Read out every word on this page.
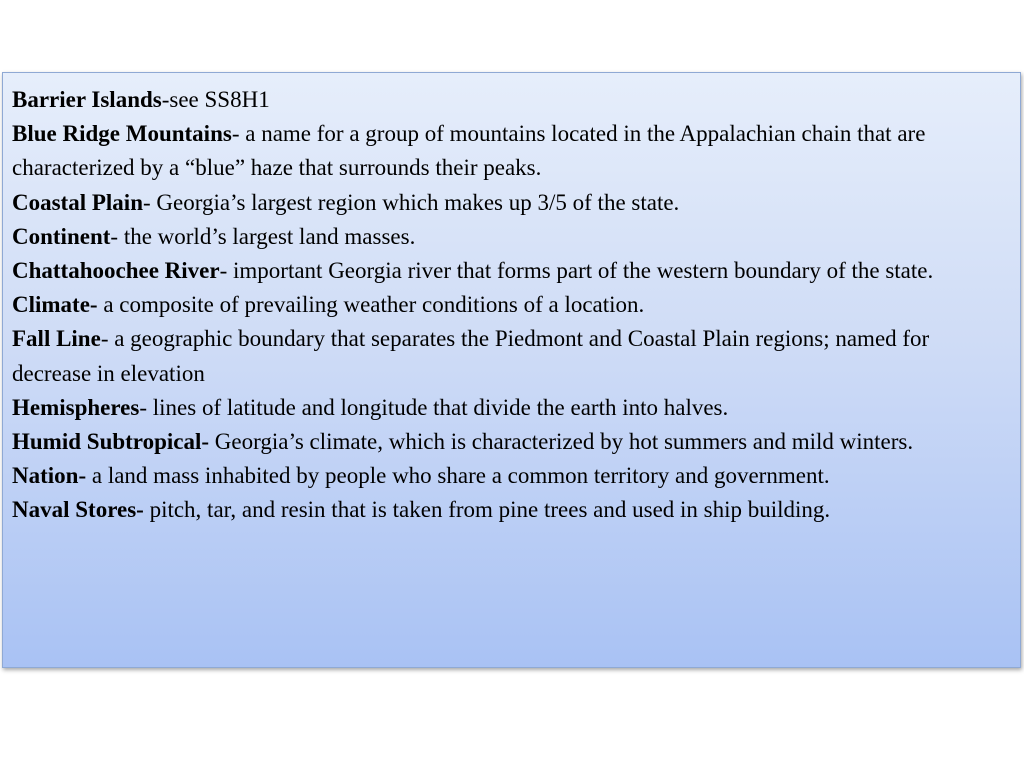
Barrier Islands-see SS8H1

Blue Ridge Mountains- a name for a group of mountains located in the Appalachian chain that are characterized by a “blue” haze that surrounds their peaks.

Coastal Plain- Georgia’s largest region which makes up 3/5 of the state.

Continent- the world’s largest land masses.

Chattahoochee River- important Georgia river that forms part of the western boundary of the state.

Climate- a composite of prevailing weather conditions of a location.

Fall Line- a geographic boundary that separates the Piedmont and Coastal Plain regions; named for decrease in elevation

Hemispheres- lines of latitude and longitude that divide the earth into halves.

Humid Subtropical- Georgia’s climate, which is characterized by hot summers and mild winters.

Nation- a land mass inhabited by people who share a common territory and government.

Naval Stores- pitch, tar, and resin that is taken from pine trees and used in ship building.
